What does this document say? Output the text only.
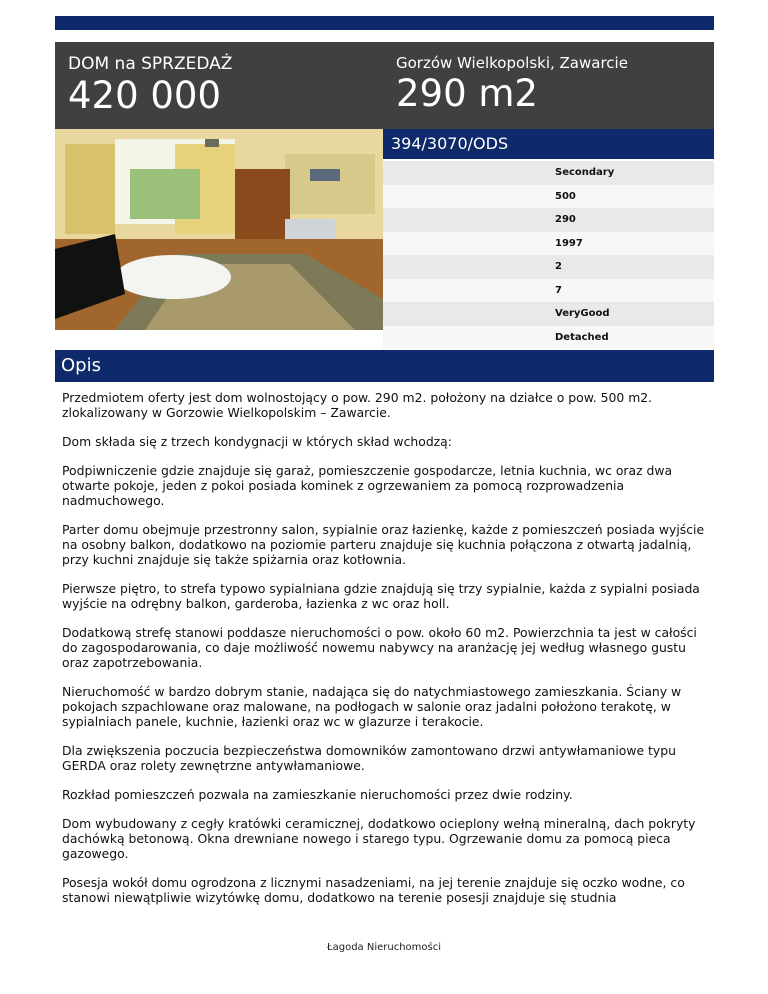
DOM na SPRZEDAŻ
420 000
Gorzów Wielkopolski, Zawarcie
290 m2
394/3070/ODS
Secondary
500
290
1997
2
7
VeryGood
Detached
Opis

Przedmiotem oferty jest dom wolnostojący o pow. 290 m2. położony na działce o pow. 500 m2. zlokalizowany w Gorzowie Wielkopolskim – Zawarcie.

Dom składa się z trzech kondygnacji w których skład wchodzą:

Podpiwniczenie gdzie znajduje się garaż, pomieszczenie gospodarcze, letnia kuchnia, wc oraz dwa otwarte pokoje, jeden z pokoi posiada kominek z ogrzewaniem za pomocą rozprowadzenia nadmuchowego.

Parter domu obejmuje przestronny salon, sypialnie oraz łazienkę, każde z pomieszczeń posiada wyjście na osobny balkon, dodatkowo na poziomie parteru znajduje się kuchnia połączona z otwartą jadalnią, przy kuchni znajduje się także spiżarnia oraz kotłownia.

Pierwsze piętro, to strefa typowo sypialniana gdzie znajdują się trzy sypialnie, każda z sypialni posiada wyjście na odrębny balkon, garderoba, łazienka z wc oraz holl.

Dodatkową strefę stanowi poddasze nieruchomości o pow. około 60 m2. Powierzchnia ta jest w całości do zagospodarowania, co daje możliwość nowemu nabywcy na aranżację jej według własnego gustu oraz zapotrzebowania.

Nieruchomość w bardzo dobrym stanie, nadająca się do natychmiastowego zamieszkania. Ściany w pokojach szpachlowane oraz malowane, na podłogach w salonie oraz jadalni położono terakotę, w sypialniach panele, kuchnie, łazienki oraz wc w glazurze i terakocie.

Dla zwiększenia poczucia bezpieczeństwa domowników zamontowano drzwi antywłamaniowe typu GERDA oraz rolety zewnętrzne antywłamaniowe.

Rozkład pomieszczeń pozwala na zamieszkanie nieruchomości przez dwie rodziny.

Dom wybudowany z cegły kratówki ceramicznej, dodatkowo ocieplony wełną mineralną, dach pokryty dachówką betonową. Okna drewniane nowego i starego typu. Ogrzewanie domu za pomocą pieca gazowego.

Posesja wokół domu ogrodzona z licznymi nasadzeniami, na jej terenie znajduje się oczko wodne, co stanowi niewątpliwie wizytówkę domu, dodatkowo na terenie posesji znajduje się studnia

Łagoda Nieruchomości
